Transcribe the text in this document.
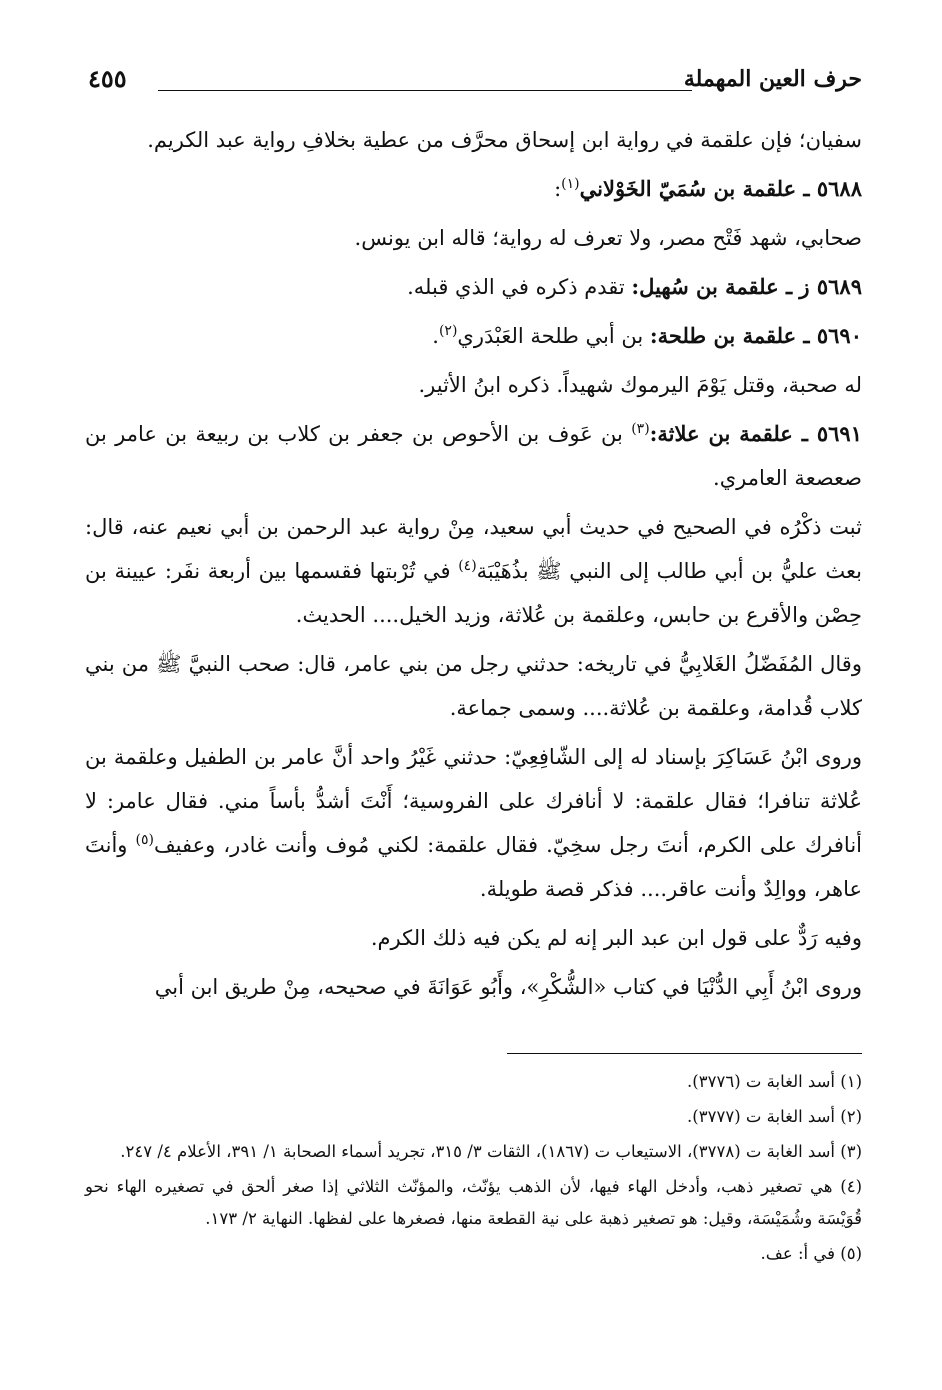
حرف العين المهملة
٤٥٥

سفيان؛ فإن علقمة في رواية ابن إسحاق محرَّف من عطية بخلافِ رواية عبد الكريم.

٥٦٨٨ ـ علقمة بن سُمَيّ الخَوْلاني$^{(١)}$:

صحابي، شهد فَتْح مصر، ولا تعرف له رواية؛ قاله ابن يونس.

٥٦٨٩ ز ـ علقمة بن سُهيل: تقدم ذكره في الذي قبله.

٥٦٩٠ ـ علقمة بن طلحة: بن أبي طلحة العَبْدَري$^{(٢)}$.

له صحبة، وقتل يَوْمَ اليرموك شهيداً. ذكره ابنُ الأثير.

٥٦٩١ ـ علقمة بن علاثة:$^{(٣)}$ بن عَوف بن الأحوص بن جعفر بن كلاب بن ربيعة بن عامر بن صعصعة العامري.

ثبت ذكْرُه في الصحيح في حديث أبي سعيد، مِنْ رواية عبد الرحمن بن أبي نعيم عنه، قال: بعث عليُّ بن أبي طالب إلى النبي ﷺ بذُهَيْبَة$^{(٤)}$ في تُرْبتها فقسمها بين أربعة نفَر: عيينة بن حِصْن والأقرع بن حابس، وعلقمة بن عُلاثة، وزيد الخيل.... الحديث.

وقال المُفَضّلُ الغَلابِيُّ في تاريخه: حدثني رجل من بني عامر، قال: صحب النبيَّ ﷺ من بني كلاب قُدامة، وعلقمة بن عُلاثة.... وسمى جماعة.

وروى ابْنُ عَسَاكِرَ بإسناد له إلى الشّافِعِيّ: حدثني غَيْرُ واحد أنَّ عامر بن الطفيل وعلقمة بن عُلاثة تنافرا؛ فقال علقمة: لا أنافرك على الفروسية؛ أَنْتَ أشدُّ بأساً مني. فقال عامر: لا أنافرك على الكرم، أنتَ رجل سخِيّ. فقال علقمة: لكني مُوف وأنت غادر، وعفيف$^{(٥)}$ وأنتَ عاهر، ووالِدٌ وأنت عاقر.... فذكر قصة طويلة.

وفيه رَدٌّ على قول ابن عبد البر إنه لم يكن فيه ذلك الكرم.

وروى ابْنُ أَبِي الدُّنْيَا في كتاب «الشُّكْرِ»، وأَبُو عَوَانَةَ في صحيحه، مِنْ طريق ابن أبي

(١) أسد الغابة ت (٣٧٧٦).

(٢) أسد الغابة ت (٣٧٧٧).

(٣) أسد الغابة ت (٣٧٧٨)، الاستيعاب ت (١٨٦٧)، الثقات ٣/ ٣١٥، تجريد أسماء الصحابة ١/ ٣٩١، الأعلام ٤/ ٢٤٧.

(٤) هي تصغير ذهب، وأدخل الهاء فيها، لأن الذهب يؤنّث، والمؤنّث الثلاثي إذا صغر ألحق في تصغيره الهاء نحو قُوَيْسَة وشُمَيْسَة، وقيل: هو تصغير ذهبة على نية القطعة منها، فصغرها على لفظها. النهاية ٢/ ١٧٣.

(٥) في أ: عف.
